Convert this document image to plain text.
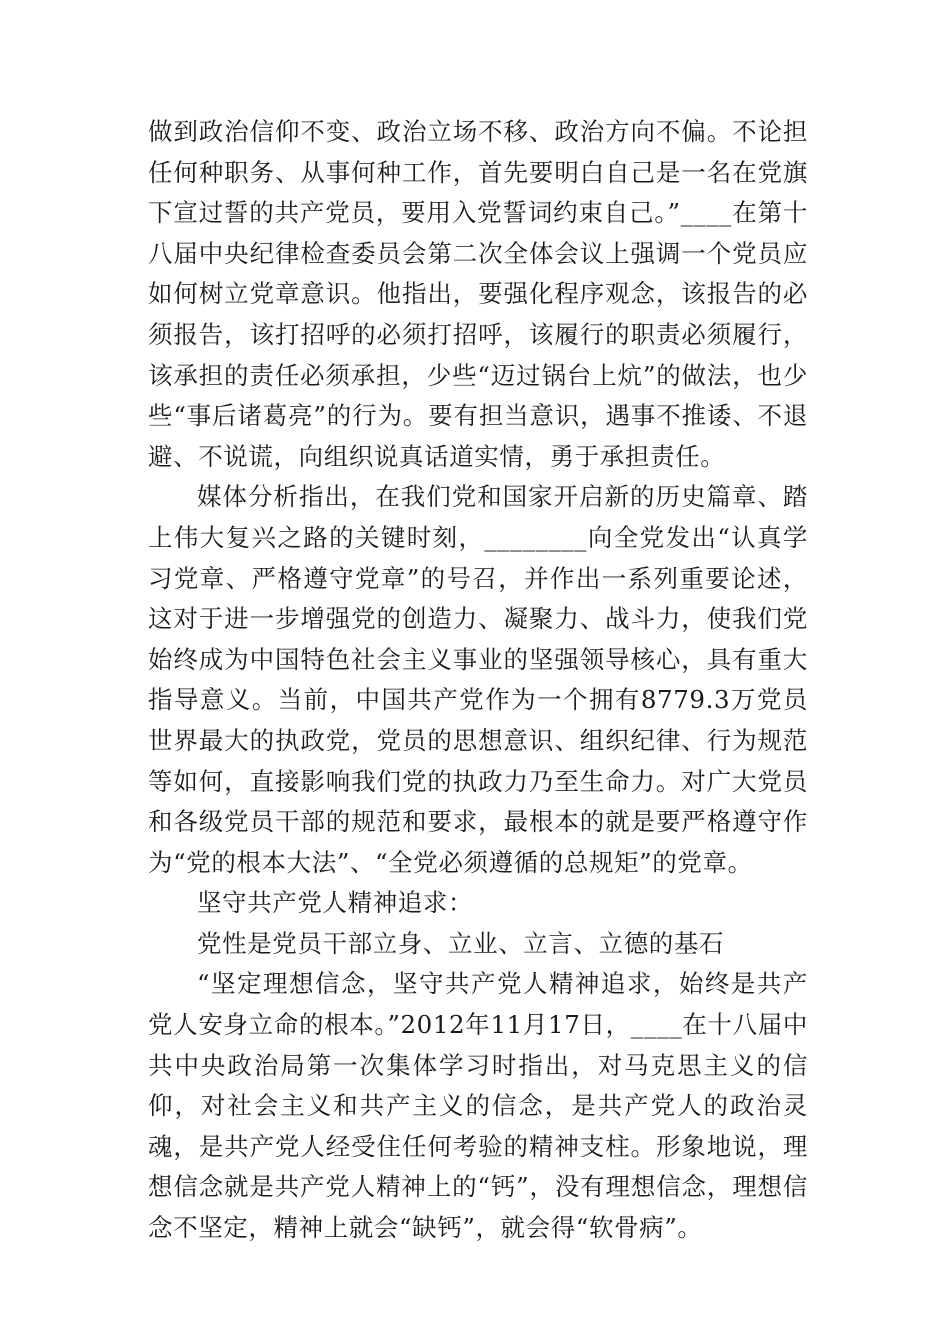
做到政治信仰不变、政治立场不移、政治方向不偏。不论担任何种职务、从事何种工作，首先要明白自己是一名在党旗下宣过誓的共产党员，要用入党誓词约束自己。”____在第十八届中央纪律检查委员会第二次全体会议上强调一个党员应如何树立党章意识。他指出，要强化程序观念，该报告的必须报告，该打招呼的必须打招呼，该履行的职责必须履行，该承担的责任必须承担，少些“迈过锅台上炕”的做法，也少些“事后诸葛亮”的行为。要有担当意识，遇事不推诿、不退避、不说谎，向组织说真话道实情，勇于承担责任。

媒体分析指出，在我们党和国家开启新的历史篇章、踏上伟大复兴之路的关键时刻，________向全党发出“认真学习党章、严格遵守党章”的号召，并作出一系列重要论述，这对于进一步增强党的创造力、凝聚力、战斗力，使我们党始终成为中国特色社会主义事业的坚强领导核心，具有重大指导意义。当前，中国共产党作为一个拥有8779.3万党员世界最大的执政党，党员的思想意识、组织纪律、行为规范等如何，直接影响我们党的执政力乃至生命力。对广大党员和各级党员干部的规范和要求，最根本的就是要严格遵守作为“党的根本大法”、“全党必须遵循的总规矩”的党章。

坚守共产党人精神追求：

党性是党员干部立身、立业、立言、立德的基石

“坚定理想信念，坚守共产党人精神追求，始终是共产党人安身立命的根本。”2012年11月17日，____在十八届中共中央政治局第一次集体学习时指出，对马克思主义的信仰，对社会主义和共产主义的信念，是共产党人的政治灵魂，是共产党人经受住任何考验的精神支柱。形象地说，理想信念就是共产党人精神上的“钙”，没有理想信念，理想信念不坚定，精神上就会“缺钙”，就会得“软骨病”。
